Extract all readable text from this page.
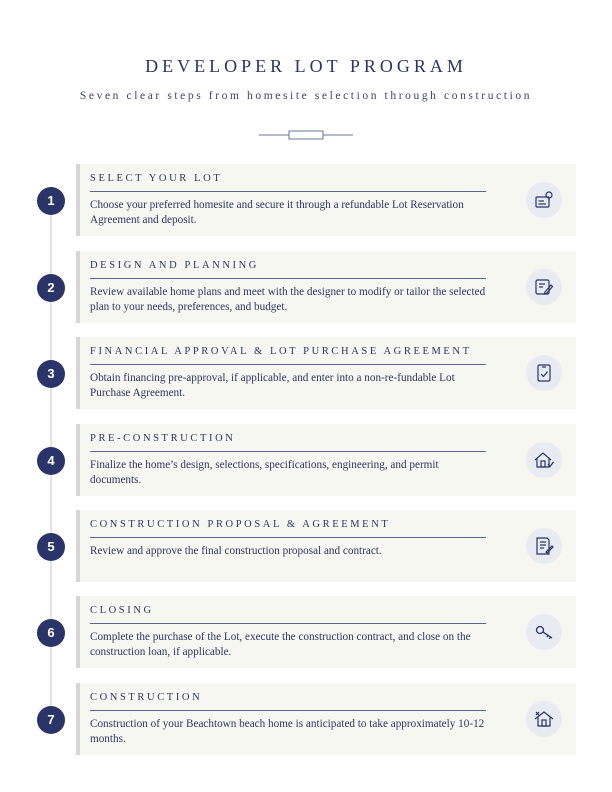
DEVELOPER LOT PROGRAM
Seven clear steps from homesite selection through construction
1
SELECT YOUR LOT
Choose your preferred homesite and secure it through a refundable Lot Reservation Agreement and deposit.
2
DESIGN AND PLANNING
Review available home plans and meet with the designer to modify or tailor the selected plan to your needs, preferences, and budget.
3
FINANCIAL APPROVAL & LOT PURCHASE AGREEMENT
Obtain financing pre-approval, if applicable, and enter into a non-re-fundable Lot Purchase Agreement.
4
PRE-CONSTRUCTION
Finalize the home’s design, selections, specifications, engineering, and permit documents.
5
CONSTRUCTION PROPOSAL & AGREEMENT
Review and approve the final construction proposal and contract.
6
CLOSING
Complete the purchase of the Lot, execute the construction contract, and close on the construction loan, if applicable.
7
CONSTRUCTION
Construction of your Beachtown beach home is anticipated to take approximately 10-12 months.
